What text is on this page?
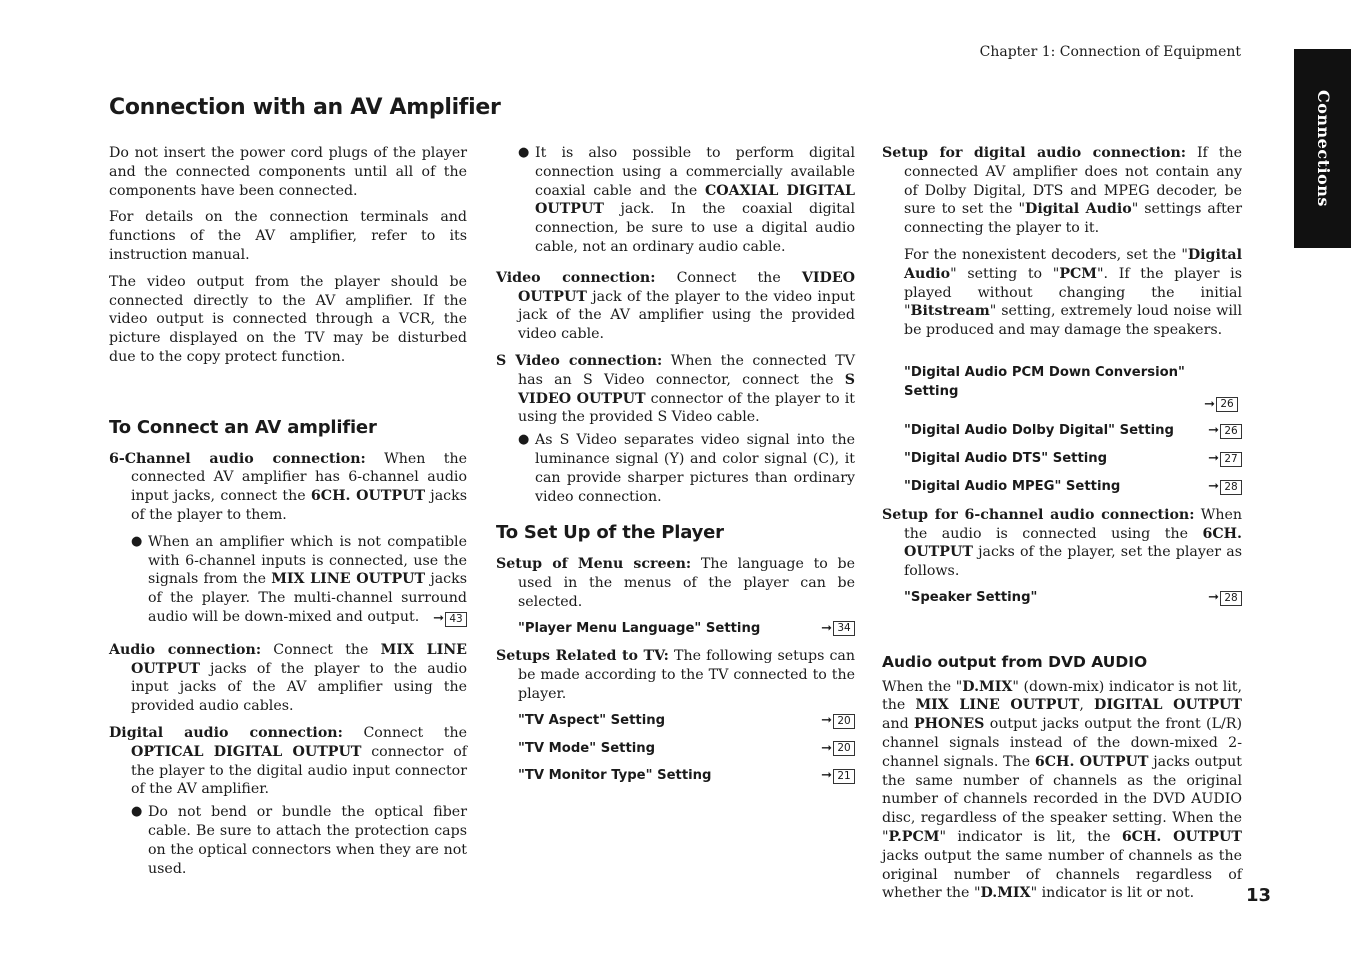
Chapter 1: Connection of Equipment
Connections
Connection with an AV Amplifier

Do not insert the power cord plugs of the player and the connected components until all of the components have been connected.

For details on the connection terminals and functions of the AV amplifier, refer to its instruction manual.

The video output from the player should be connected directly to the AV amplifier. If the video output is connected through a VCR, the picture displayed on the TV may be disturbed due to the copy protect function.

To Connect an AV amplifier

6-Channel audio connection: When the connected AV amplifier has 6-channel audio input jacks, connect the 6CH. OUTPUT jacks of the player to them.

● When an amplifier which is not compatible with 6-channel inputs is connected, use the signals from the MIX LINE OUTPUT jacks of the player. The multi-channel surround audio will be down-mixed and output. ➞ 43

Audio connection: Connect the MIX LINE OUTPUT jacks of the player to the audio input jacks of the AV amplifier using the provided audio cables.

Digital audio connection: Connect the OPTICAL DIGITAL OUTPUT connector of the player to the digital audio input connector of the AV amplifier.

● Do not bend or bundle the optical fiber cable. Be sure to attach the protection caps on the optical connectors when they are not used.
● It is also possible to perform digital connection using a commercially available coaxial cable and the COAXIAL DIGITAL OUTPUT jack. In the coaxial digital connection, be sure to use a digital audio cable, not an ordinary audio cable.

Video connection: Connect the VIDEO OUTPUT jack of the player to the video input jack of the AV amplifier using the provided video cable.

S Video connection: When the connected TV has an S Video connector, connect the S VIDEO OUTPUT connector of the player to it using the provided S Video cable.

● As S Video separates video signal into the luminance signal (Y) and color signal (C), it can provide sharper pictures than ordinary video connection.
To Set Up of the Player

Setup of Menu screen: The language to be used in the menus of the player can be selected.

"Player Menu Language" Setting	➞ 34

Setups Related to TV: The following setups can be made according to the TV connected to the player.

"TV Aspect" Setting	➞ 20
"TV Mode" Setting	➞ 20
"TV Monitor Type" Setting	➞ 21

Setup for digital audio connection: If the connected AV amplifier does not contain any of Dolby Digital, DTS and MPEG decoder, be sure to set the "Digital Audio" settings after connecting the player to it.

For the nonexistent decoders, set the "Digital Audio" setting to "PCM". If the player is played without changing the initial "Bitstream" setting, extremely loud noise will be produced and may damage the speakers.

"Digital Audio PCM Down Conversion" Setting
➞ 26
"Digital Audio Dolby Digital" Setting	➞ 26
"Digital Audio DTS" Setting	➞ 27
"Digital Audio MPEG" Setting	➞ 28

Setup for 6-channel audio connection: When the audio is connected using the 6CH. OUTPUT jacks of the player, set the player as follows.

"Speaker Setting"	➞ 28
Audio output from DVD AUDIO

When the "D.MIX" (down-mix) indicator is not lit, the MIX LINE OUTPUT, DIGITAL OUTPUT and PHONES output jacks output the front (L/R) channel signals instead of the down-mixed 2-channel signals. The 6CH. OUTPUT jacks output the same number of channels as the original number of channels recorded in the DVD AUDIO disc, regardless of the speaker setting. When the "P.PCM" indicator is lit, the 6CH. OUTPUT jacks output the same number of channels as the original number of channels regardless of whether the "D.MIX" indicator is lit or not.	13
